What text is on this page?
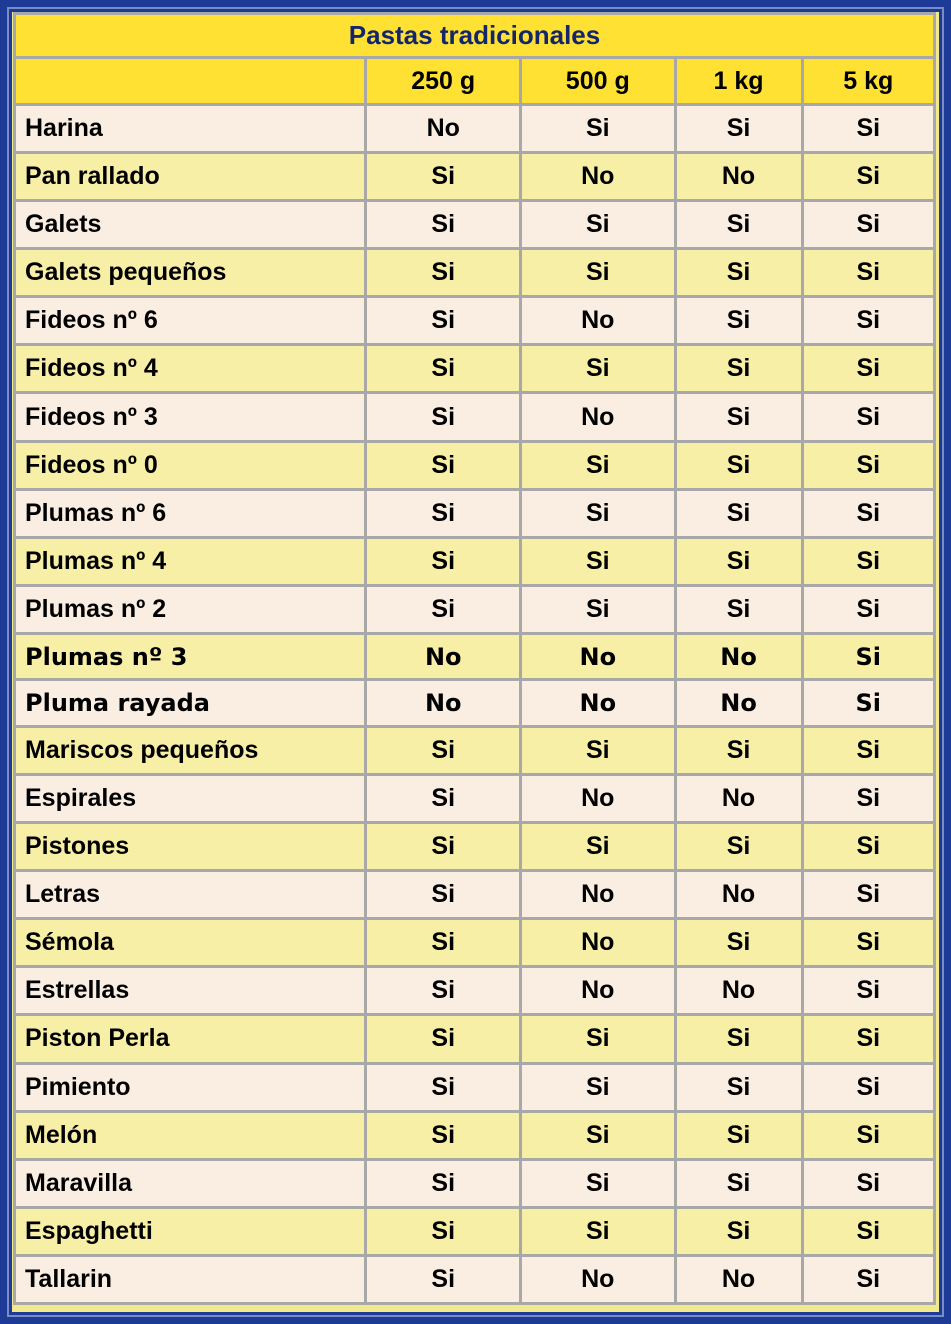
Pastas tradicionales				
	250 g	500 g	1 kg	5 kg
Harina	No	Si	Si	Si
Pan rallado	Si	No	No	Si
Galets	Si	Si	Si	Si
Galets pequeños	Si	Si	Si	Si
Fideos nº 6	Si	No	Si	Si
Fideos nº 4	Si	Si	Si	Si
Fideos nº 3	Si	No	Si	Si
Fideos nº 0	Si	Si	Si	Si
Plumas nº 6	Si	Si	Si	Si
Plumas nº 4	Si	Si	Si	Si
Plumas nº 2	Si	Si	Si	Si
Plumas nº 3	No	No	No	Si
Pluma rayada	No	No	No	Si
Mariscos pequeños	Si	Si	Si	Si
Espirales	Si	No	No	Si
Pistones	Si	Si	Si	Si
Letras	Si	No	No	Si
Sémola	Si	No	Si	Si
Estrellas	Si	No	No	Si
Piston Perla	Si	Si	Si	Si
Pimiento	Si	Si	Si	Si
Melón	Si	Si	Si	Si
Maravilla	Si	Si	Si	Si
Espaghetti	Si	Si	Si	Si
Tallarin	Si	No	No	Si
